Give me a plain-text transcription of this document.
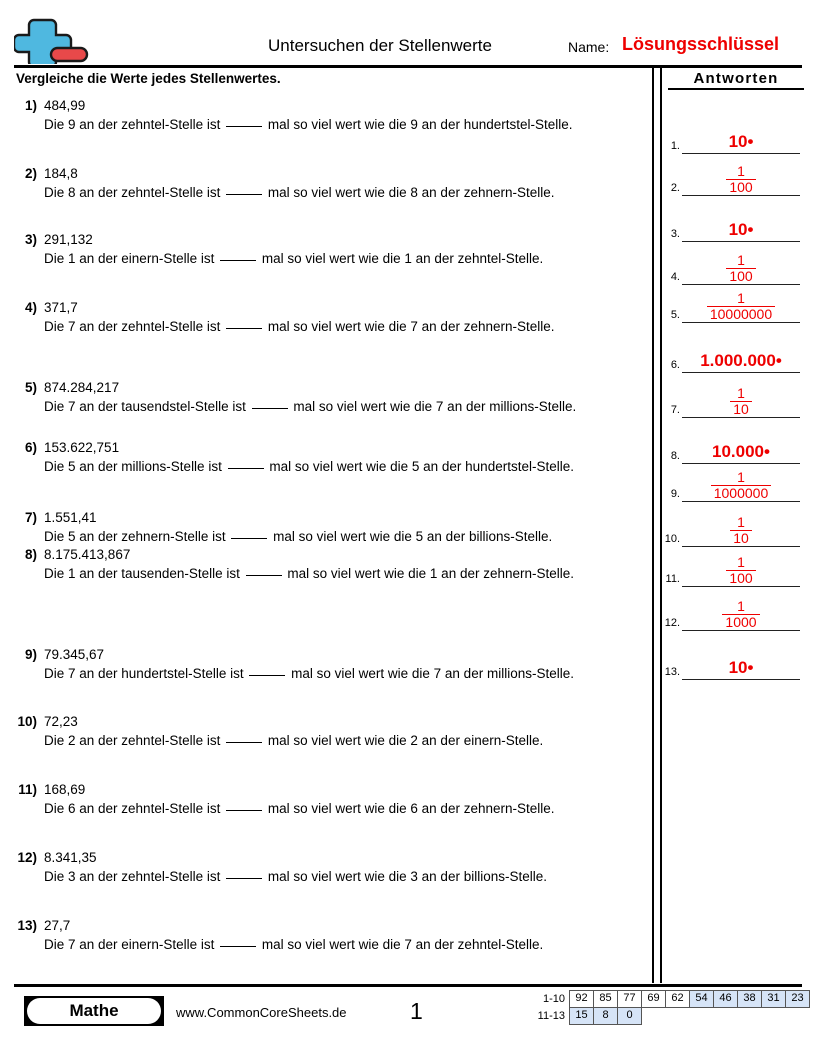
Untersuchen der Stellenwerte	Name: Lösungsschlüssel
Vergleiche die Werte jedes Stellenwertes.
1) 484,99
Die 9 an der zehntel-Stelle ist	mal so viel wert wie die 9 an der hundertstel-Stelle.
2) 184,8
Die 8 an der zehntel-Stelle ist	mal so viel wert wie die 8 an der zehnern-Stelle.
3) 291,132
Die 1 an der einern-Stelle ist	mal so viel wert wie die 1 an der zehntel-Stelle.
4) 371,7
Die 7 an der zehntel-Stelle ist	mal so viel wert wie die 7 an der zehnern-Stelle.
5) 874.284,217
Die 7 an der tausendstel-Stelle ist	mal so viel wert wie die 7 an der millions-Stelle.
6) 153.622,751
Die 5 an der millions-Stelle ist	mal so viel wert wie die 5 an der hundertstel-Stelle.
7) 1.551,41
Die 5 an der zehnern-Stelle ist	mal so viel wert wie die 5 an der billions-Stelle.
8) 8.175.413,867
Die 1 an der tausenden-Stelle ist	mal so viel wert wie die 1 an der zehnern-Stelle.
9) 79.345,67
Die 7 an der hundertstel-Stelle ist	mal so viel wert wie die 7 an der millions-Stelle.
10) 72,23
Die 2 an der zehntel-Stelle ist	mal so viel wert wie die 2 an der einern-Stelle.
11) 168,69
Die 6 an der zehntel-Stelle ist	mal so viel wert wie die 6 an der zehnern-Stelle.
12) 8.341,35
Die 3 an der zehntel-Stelle ist	mal so viel wert wie die 3 an der billions-Stelle.
13) 27,7
Die 7 an der einern-Stelle ist	mal so viel wert wie die 7 an der zehntel-Stelle.
Antworten
1.	10•
2. $\frac{1}{100}$
3.	10•
4. $\frac{1}{100}$
5. $\frac{1}{10000000}$
6.	1.000.000•
7. $\frac{1}{10}$
8.	10.000•
9. $\frac{1}{1000000}$
10. $\frac{1}{10}$
11. $\frac{1}{100}$
12. $\frac{1}{1000}$
13.	10•
Mathe	www.CommonCoreSheets.de	1	1-10 92	85	77	69	62	54	46	38	31	23
11-13 15	8	0
